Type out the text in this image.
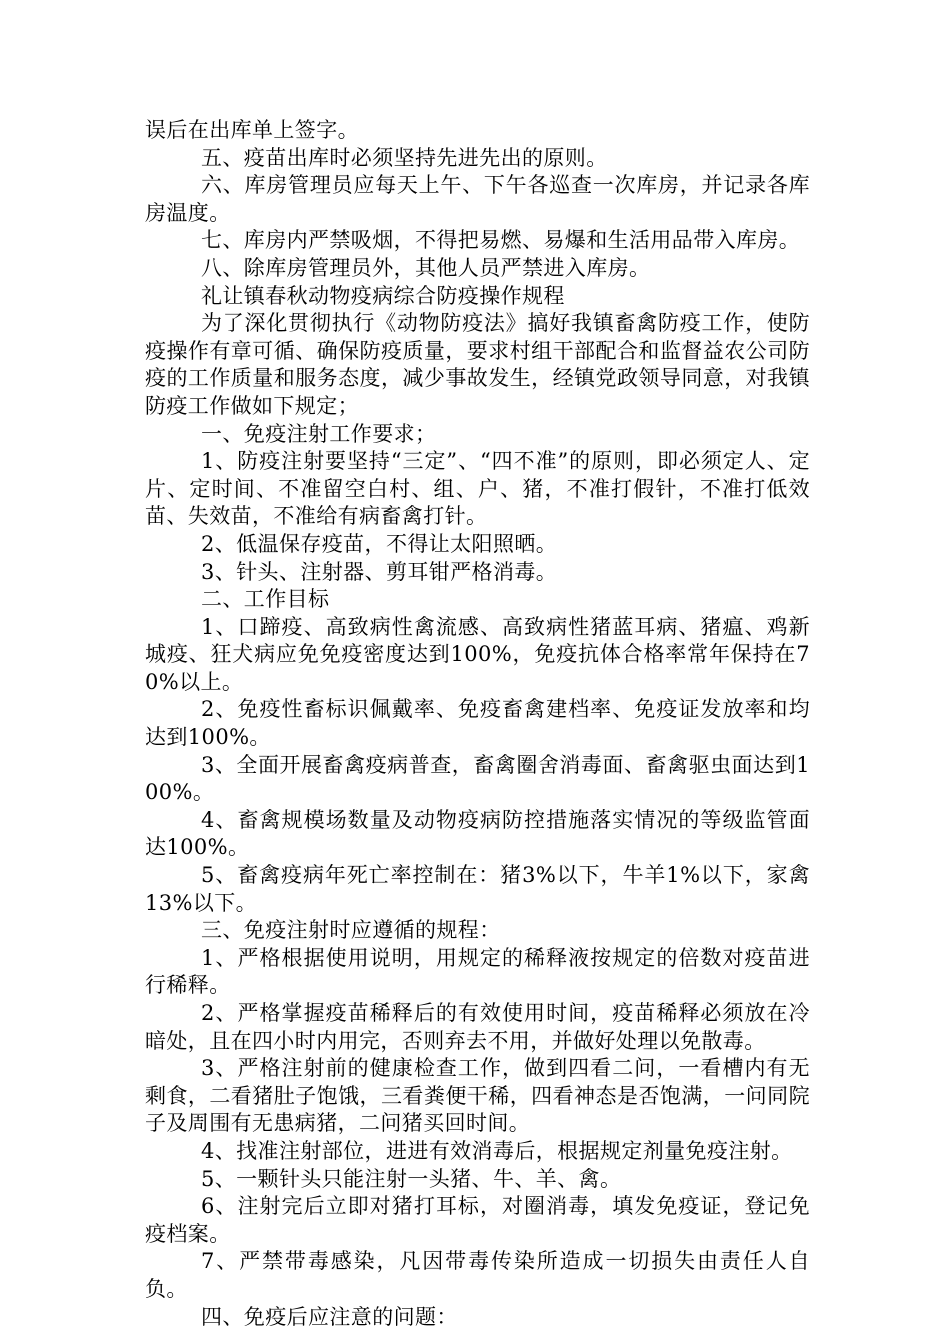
误后在出库单上签字。

五、疫苗出库时必须坚持先进先出的原则。

六、库房管理员应每天上午、下午各巡查一次库房，并记录各库房温度。

七、库房内严禁吸烟，不得把易燃、易爆和生活用品带入库房。

八、除库房管理员外，其他人员严禁进入库房。

礼让镇春秋动物疫病综合防疫操作规程

为了深化贯彻执行《动物防疫法》搞好我镇畜禽防疫工作，使防疫操作有章可循、确保防疫质量，要求村组干部配合和监督益农公司防疫的工作质量和服务态度，减少事故发生，经镇党政领导同意，对我镇防疫工作做如下规定；

一、免疫注射工作要求；

1、防疫注射要坚持“三定”、“四不准”的原则，即必须定人、定片、定时间、不准留空白村、组、户、猪，不准打假针，不准打低效苗、失效苗，不准给有病畜禽打针。

2、低温保存疫苗，不得让太阳照晒。

3、针头、注射器、剪耳钳严格消毒。

二、工作目标

1、口蹄疫、高致病性禽流感、高致病性猪蓝耳病、猪瘟、鸡新城疫、狂犬病应免免疫密度达到100%，免疫抗体合格率常年保持在70%以上。

2、免疫性畜标识佩戴率、免疫畜禽建档率、免疫证发放率和均达到100%。

3、全面开展畜禽疫病普查，畜禽圈舍消毒面、畜禽驱虫面达到100%。

4、畜禽规模场数量及动物疫病防控措施落实情况的等级监管面达100%。

5、畜禽疫病年死亡率控制在：猪3%以下，牛羊1%以下，家禽13%以下。

三、免疫注射时应遵循的规程：

1、严格根据使用说明，用规定的稀释液按规定的倍数对疫苗进行稀释。

2、严格掌握疫苗稀释后的有效使用时间，疫苗稀释必须放在冷暗处，且在四小时内用完，否则弃去不用，并做好处理以免散毒。

3、严格注射前的健康检查工作，做到四看二问，一看槽内有无剩食，二看猪肚子饱饿，三看粪便干稀，四看神态是否饱满，一问同院子及周围有无患病猪，二问猪买回时间。

4、找准注射部位，进进有效消毒后，根据规定剂量免疫注射。

5、一颗针头只能注射一头猪、牛、羊、禽。

6、注射完后立即对猪打耳标，对圈消毒，填发免疫证，登记免疫档案。

7、严禁带毒感染，凡因带毒传染所造成一切损失由责任人自负。

四、免疫后应注意的问题：
